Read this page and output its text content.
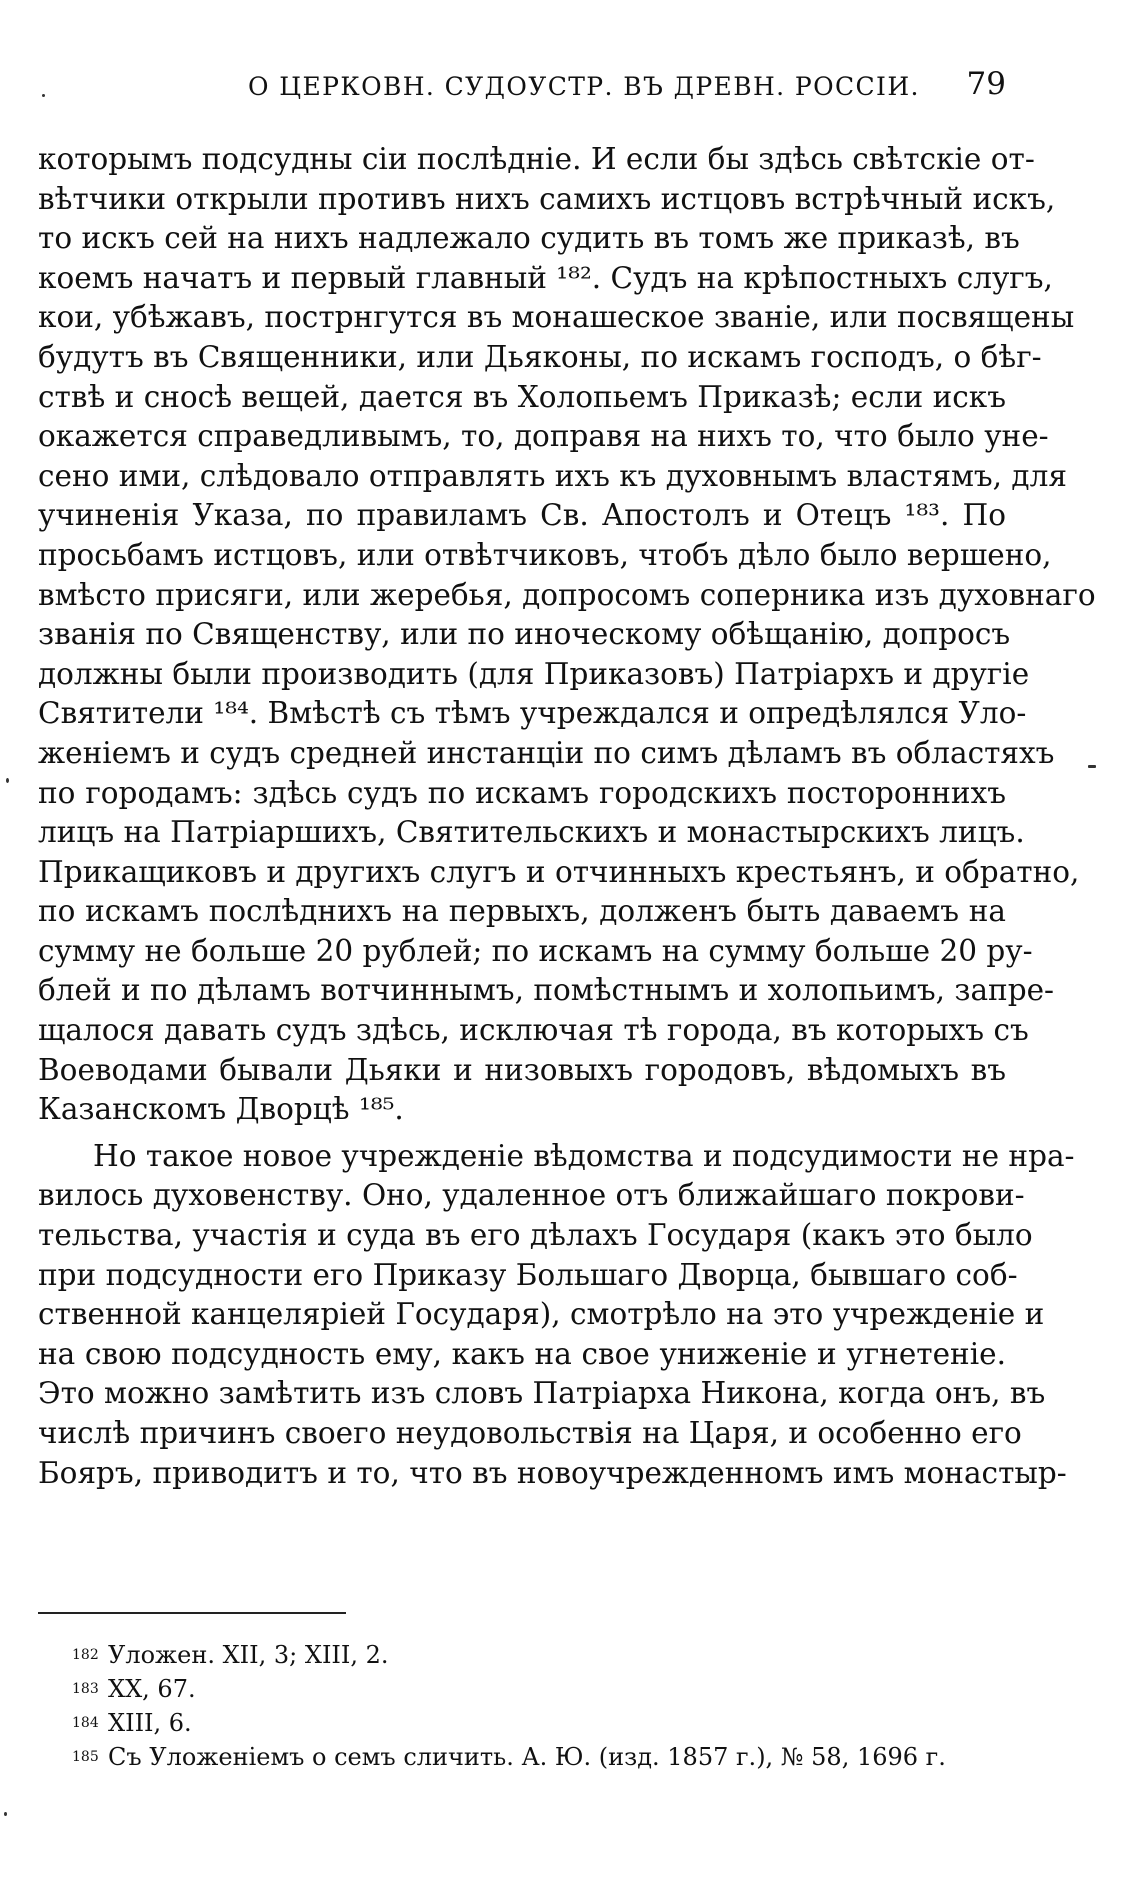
О ЦЕРКОВН. СУДОУСТР. ВЪ ДРЕВН. РОССІИ. 79
которымъ подсудны сіи послѣдніе. И если бы здѣсь свѣтскіе от-
вѣтчики открыли противъ нихъ самихъ истцовъ встрѣчный искъ,
то искъ сей на нихъ надлежало судить въ томъ же приказѣ, въ
коемъ начатъ и первый главный ¹⁸². Судъ на крѣпостныхъ слугъ,
кои, убѣжавъ, пострнгутся въ монашеское званіе, или посвящены
будутъ въ Священники, или Дьяконы, по искамъ господъ, о бѣг-
ствѣ и сносѣ вещей, дается въ Холопьемъ Приказѣ; если искъ
окажется справедливымъ, то, доправя на нихъ то, что было уне-
сено ими, слѣдовало отправлять ихъ къ духовнымъ властямъ, для
учиненія Указа, по правиламъ Св. Апостолъ и Отецъ ¹⁸³. По
просьбамъ истцовъ, или отвѣтчиковъ, чтобъ дѣло было вершено,
вмѣсто присяги, или жеребья, допросомъ соперника изъ духовнаго
званія по Священству, или по иноческому обѣщанію, допросъ
должны были производить (для Приказовъ) Патріархъ и другіе
Святители ¹⁸⁴. Вмѣстѣ съ тѣмъ учреждался и опредѣлялся Уло-
женіемъ и судъ средней инстанціи по симъ дѣламъ въ областяхъ
по городамъ: здѣсь судъ по искамъ городскихъ постороннихъ
лицъ на Патріаршихъ, Святительскихъ и монастырскихъ лицъ.
Прикащиковъ и другихъ слугъ и отчинныхъ крестьянъ, и обратно,
по искамъ послѣднихъ на первыхъ, долженъ быть даваемъ на
сумму не больше 20 рублей; по искамъ на сумму больше 20 ру-
блей и по дѣламъ вотчиннымъ, помѣстнымъ и холопьимъ, запре-
щалося давать судъ здѣсь, исключая тѣ города, въ которыхъ съ
Воеводами бывали Дьяки и низовыхъ городовъ, вѣдомыхъ въ
Казанскомъ Дворцѣ ¹⁸⁵.
Но такое новое учрежденіе вѣдомства и подсудимости не нра-
вилось духовенству. Оно, удаленное отъ ближайшаго покрови-
тельства, участія и суда въ его дѣлахъ Государя (какъ это было
при подсудности его Приказу Большаго Дворца, бывшаго соб-
ственной канцеляріей Государя), смотрѣло на это учрежденіе и
на свою подсудность ему, какъ на свое униженіе и угнетеніе.
Это можно замѣтить изъ словъ Патріарха Никона, когда онъ, въ
числѣ причинъ своего неудовольствія на Царя, и особенно его
Бояръ, приводитъ и то, что въ новоучрежденномъ имъ монастыр-
182 Уложен. XII, 3; XIII, 2.
183 XX, 67.
184 XIII, 6.
185 Съ Уложеніемъ о семъ сличить. А. Ю. (изд. 1857 г.), № 58, 1696 г.
